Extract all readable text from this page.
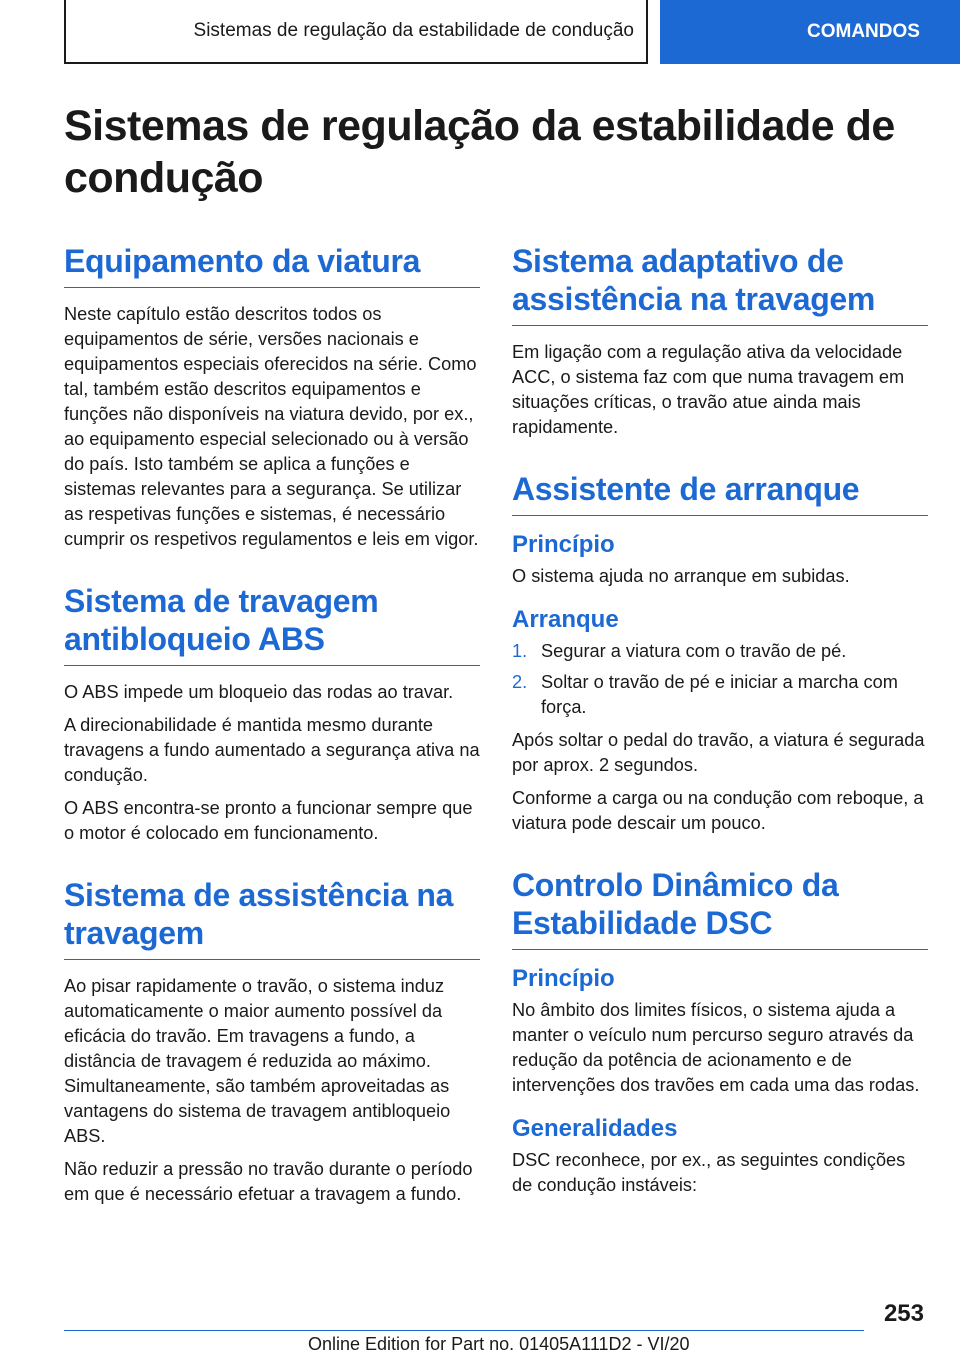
Sistemas de regulação da estabilidade de condução	COMANDOS
Sistemas de regulação da estabilidade de condução
Equipamento da viatura

Neste capítulo estão descritos todos os equipamentos de série, versões nacionais e equipamentos especiais oferecidos na série. Como tal, também estão descritos equipamentos e funções não disponíveis na viatura devido, por ex., ao equipamento especial selecionado ou à versão do país. Isto também se aplica a funções e sistemas relevantes para a segurança. Se utilizar as respetivas funções e sistemas, é necessário cumprir os respetivos regulamentos e leis em vigor.

Sistema de travagem antibloqueio ABS

O ABS impede um bloqueio das rodas ao travar.

A direcionabilidade é mantida mesmo durante travagens a fundo aumentado a segurança ativa na condução.

O ABS encontra-se pronto a funcionar sempre que o motor é colocado em funcionamento.

Sistema de assistência na travagem

Ao pisar rapidamente o travão, o sistema induz automaticamente o maior aumento possível da eficácia do travão. Em travagens a fundo, a distância de travagem é reduzida ao máximo. Simultaneamente, são também aproveitadas as vantagens do sistema de travagem antibloqueio ABS.

Não reduzir a pressão no travão durante o período em que é necessário efetuar a travagem a fundo.

Sistema adaptativo de assistência na travagem

Em ligação com a regulação ativa da velocidade ACC, o sistema faz com que numa travagem em situações críticas, o travão atue ainda mais rapidamente.

Assistente de arranque
Princípio

O sistema ajuda no arranque em subidas.

Arranque
1. Segurar a viatura com o travão de pé.
2. Soltar o travão de pé e iniciar a marcha com força.

Após soltar o pedal do travão, a viatura é segurada por aprox. 2 segundos.

Conforme a carga ou na condução com reboque, a viatura pode descair um pouco.

Controlo Dinâmico da Estabilidade DSC
Princípio

No âmbito dos limites físicos, o sistema ajuda a manter o veículo num percurso seguro através da redução da potência de acionamento e de intervenções dos travões em cada uma das rodas.

Generalidades

DSC reconhece, por ex., as seguintes condições de condução instáveis:

253
Online Edition for Part no. 01405A111D2 - VI/20
